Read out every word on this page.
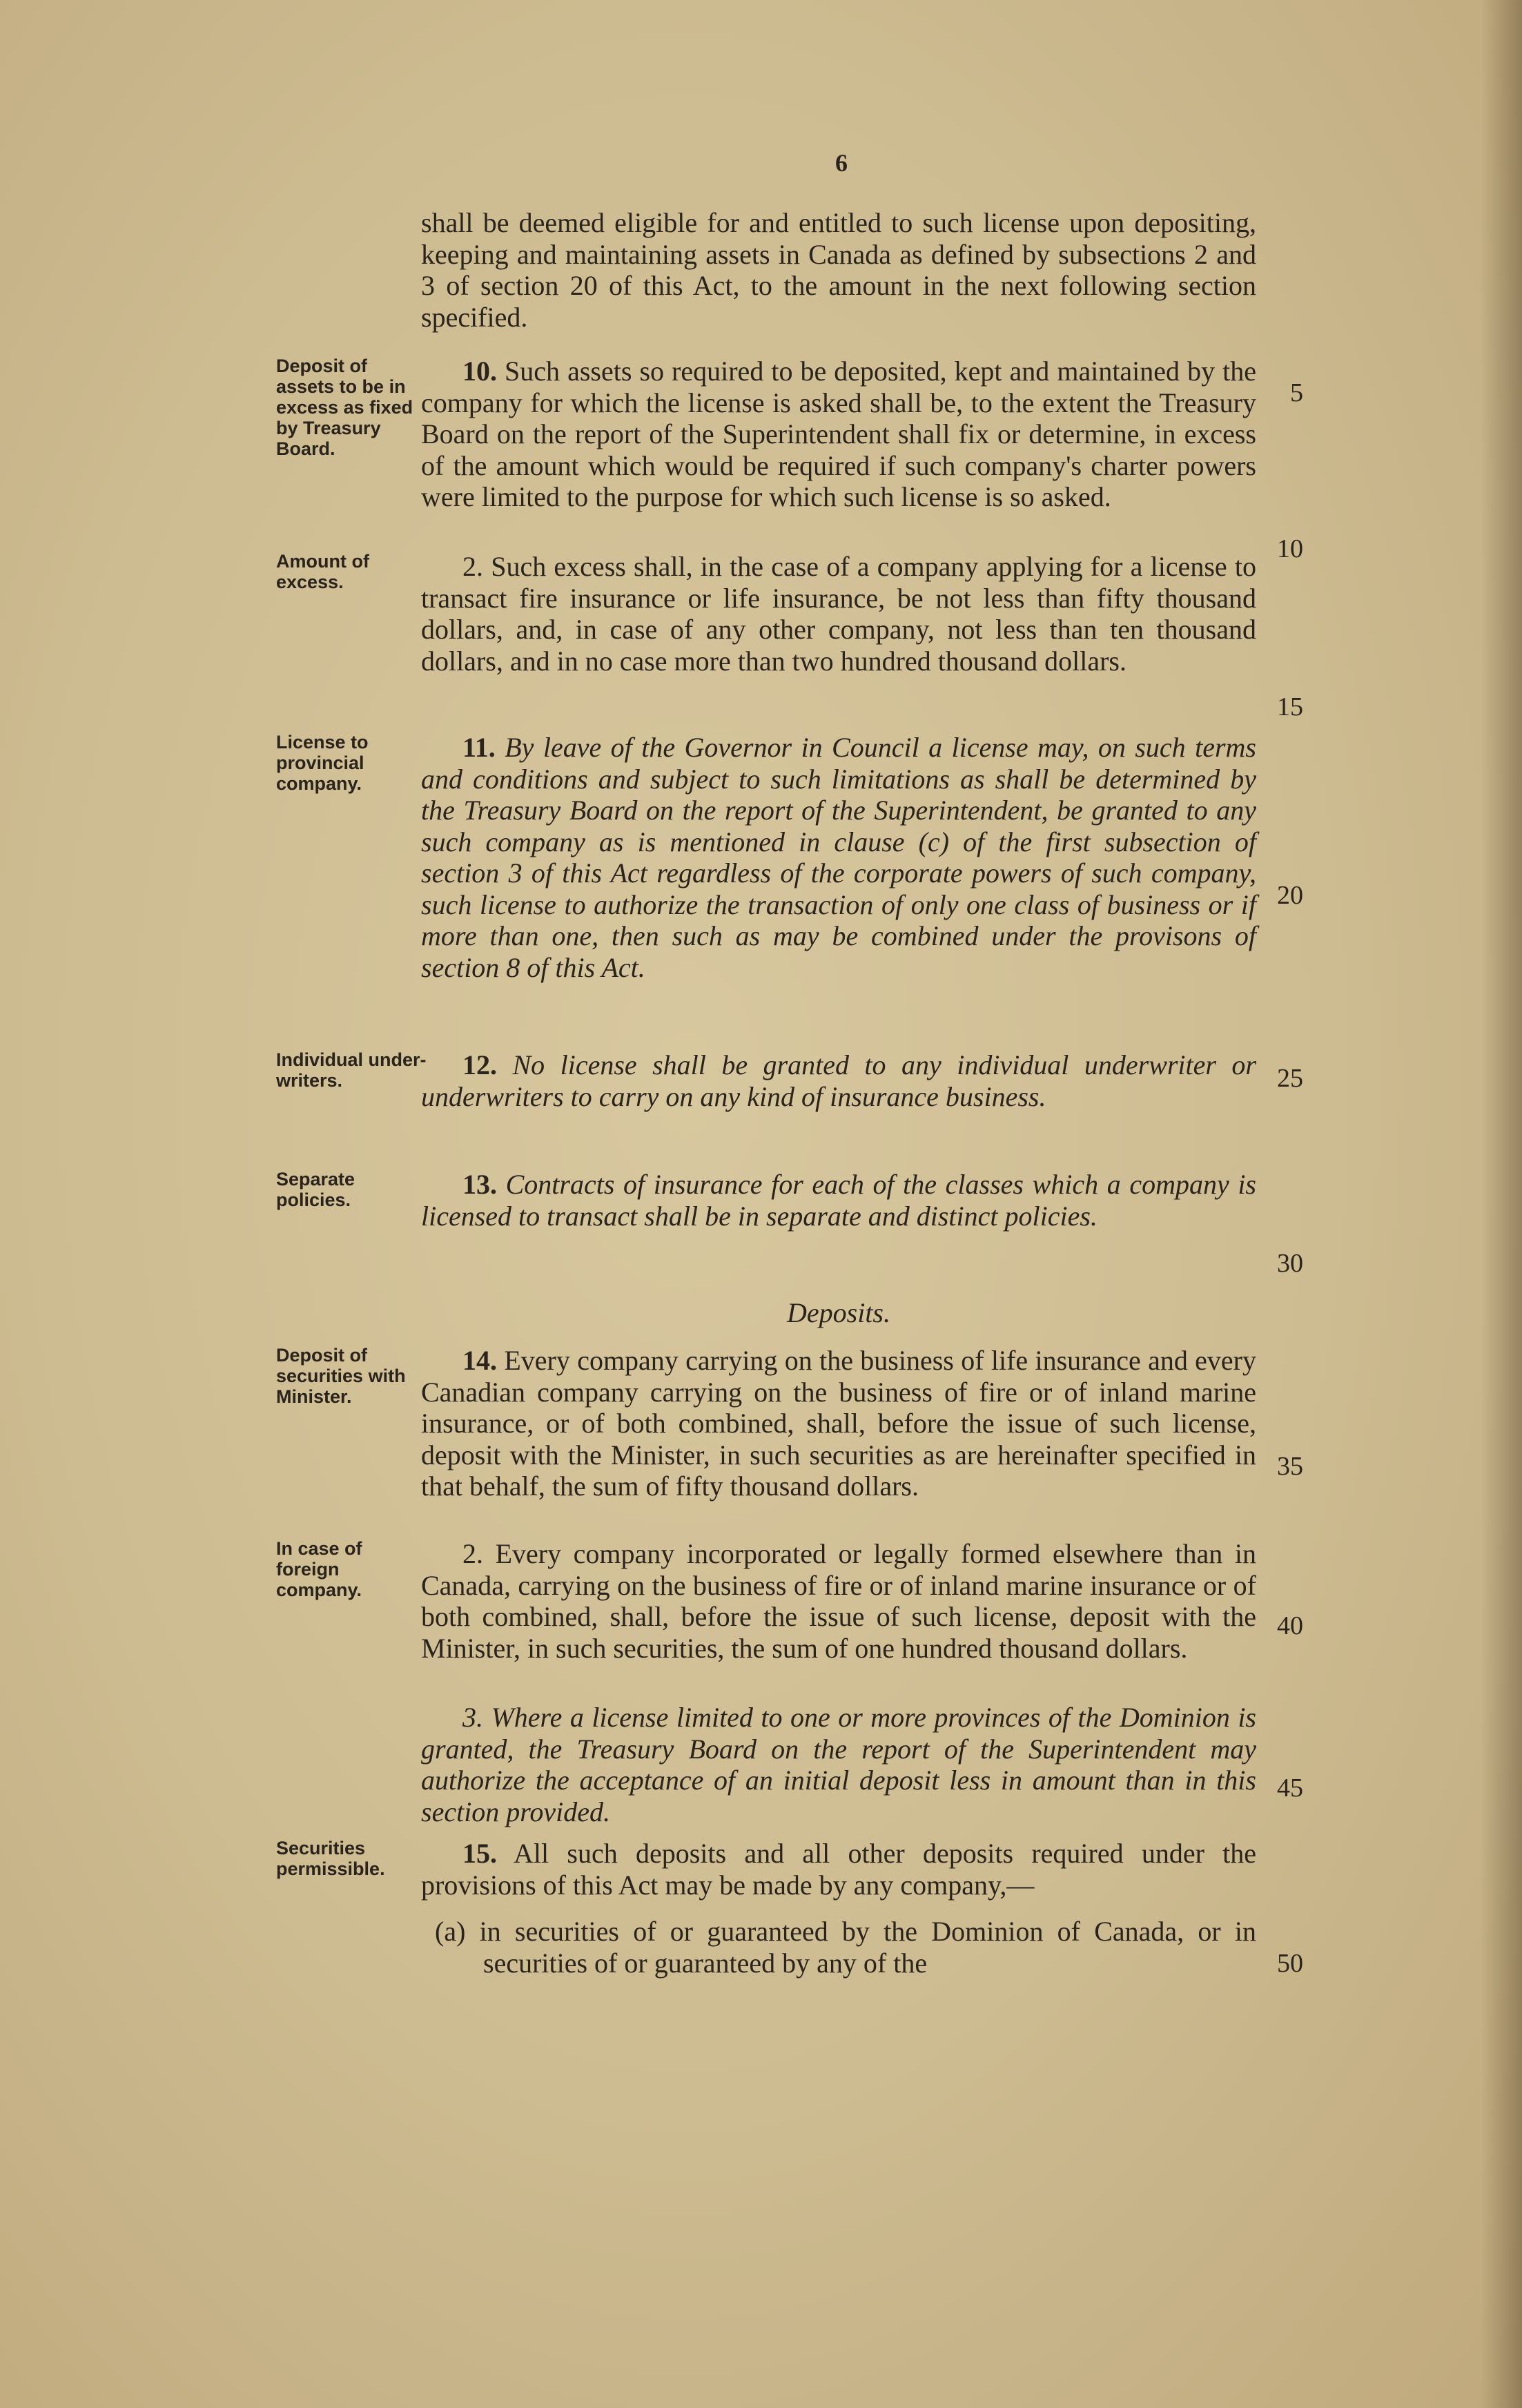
6
Deposit of assets to be in excess as fixed by Treasury Board.
Amount of excess.
License to provincial company.
Individual under-writers.
Separate policies.
Deposit of securities with Minister.
In case of foreign company.
Securities permissible.
5
10
15
20
25
30
35
40
45
50

shall be deemed eligible for and entitled to such license upon depositing, keeping and maintaining assets in Canada as defined by subsections 2 and 3 of section 20 of this Act, to the amount in the next following section specified.

10. Such assets so required to be deposited, kept and maintained by the company for which the license is asked shall be, to the extent the Treasury Board on the report of the Superintendent shall fix or determine, in excess of the amount which would be required if such company's charter powers were limited to the purpose for which such license is so asked.

2. Such excess shall, in the case of a company applying for a license to transact fire insurance or life insurance, be not less than fifty thousand dollars, and, in case of any other company, not less than ten thousand dollars, and in no case more than two hundred thousand dollars.

11. By leave of the Governor in Council a license may, on such terms and conditions and subject to such limitations as shall be determined by the Treasury Board on the report of the Superintendent, be granted to any such company as is mentioned in clause (c) of the first subsection of section 3 of this Act regardless of the corporate powers of such company, such license to authorize the transaction of only one class of business or if more than one, then such as may be combined under the provisons of section 8 of this Act.

12. No license shall be granted to any individual underwriter or underwriters to carry on any kind of insurance business.

13. Contracts of insurance for each of the classes which a company is licensed to transact shall be in separate and distinct policies.

Deposits.

14. Every company carrying on the business of life insurance and every Canadian company carrying on the business of fire or of inland marine insurance, or of both combined, shall, before the issue of such license, deposit with the Minister, in such securities as are hereinafter specified in that behalf, the sum of fifty thousand dollars.

2. Every company incorporated or legally formed elsewhere than in Canada, carrying on the business of fire or of inland marine insurance or of both combined, shall, before the issue of such license, deposit with the Minister, in such securities, the sum of one hundred thousand dollars.

3. Where a license limited to one or more provinces of the Dominion is granted, the Treasury Board on the report of the Superintendent may authorize the acceptance of an initial deposit less in amount than in this section provided.

15. All such deposits and all other deposits required under the provisions of this Act may be made by any company,—

(a) in securities of or guaranteed by the Dominion of Canada, or in securities of or guaranteed by any of the
